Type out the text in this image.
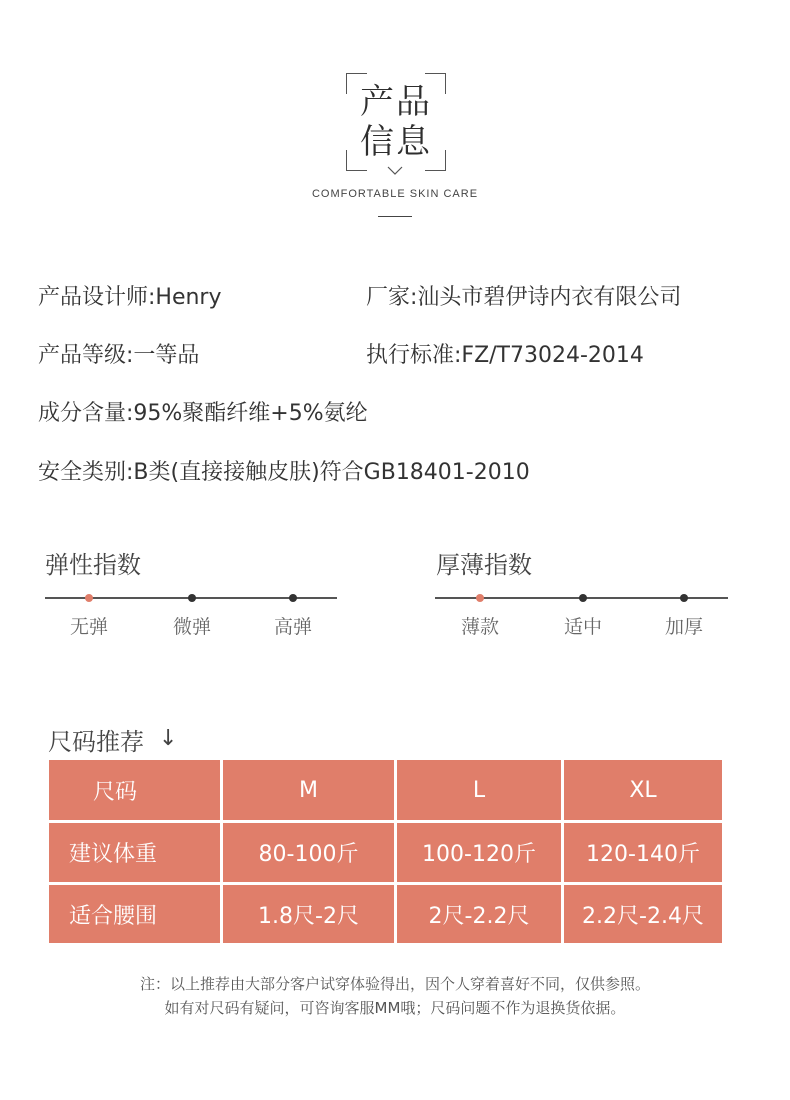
产品
信息
COMFORTABLE SKIN CARE
产品设计师:Henry	厂家:汕头市碧伊诗内衣有限公司
产品等级:一等品	执行标准:FZ/T73024-2014
成分含量:95%聚酯纤维+5%氨纶
安全类别:B类(直接接触皮肤)符合GB18401-2010
弹性指数
无弹	微弹	高弹
厚薄指数
薄款	适中	加厚
尺码推荐 ↓
尺码	M	L	XL
建议体重	80-100斤	100-120斤	120-140斤
适合腰围	1.8尺-2尺	2尺-2.2尺	2.2尺-2.4尺
注：以上推荐由大部分客户试穿体验得出，因个人穿着喜好不同，仅供参照。
如有对尺码有疑问，可咨询客服MM哦；尺码问题不作为退换货依据。
